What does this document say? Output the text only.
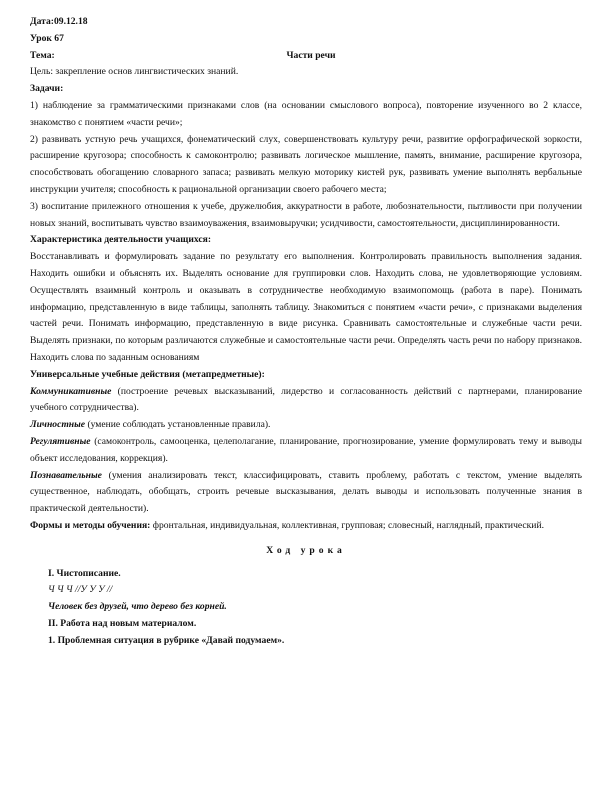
Дата:09.12.18
Урок 67
Тема:	Части речи
Цель: закрепление основ лингвистических знаний.
Задачи:
1) наблюдение за грамматическими признаками слов (на основании смыслового вопроса), повторение изученного во 2 классе, знакомство с понятием «части речи»;
2) развивать устную речь учащихся, фонематический слух, совершенствовать культуру речи, развитие орфографической зоркости, расширение кругозора; способность к самоконтролю; развивать логическое мышление, память, внимание, расширение кругозора, способствовать обогащению словарного запаса; развивать мелкую моторику кистей рук, развивать умение выполнять вербальные инструкции учителя; способность к рациональной организации своего рабочего места;
3) воспитание прилежного отношения к учебе, дружелюбия, аккуратности в работе, любознательности, пытливости при получении новых знаний, воспитывать чувство взаимоуважения, взаимовыручки; усидчивости, самостоятельности, дисциплинированности.
Характеристика деятельности учащихся:
Восстанавливать и формулировать задание по результату его выполнения. Контролировать правильность выполнения задания. Находить ошибки и объяснять их. Выделять основание для группировки слов. Находить слова, не удовлетворяющие условиям. Осуществлять взаимный контроль и оказывать в сотрудничестве необходимую взаимопомощь (работа в паре). Понимать информацию, представленную в виде таблицы, заполнять таблицу. Знакомиться с понятием «части речи», с признаками выделения частей речи. Понимать информацию, представленную в виде рисунка. Сравнивать самостоятельные и служебные части речи. Выделять признаки, по которым различаются служебные и самостоятельные части речи. Определять часть речи по набору признаков. Находить слова по заданным основаниям
Универсальные учебные действия (метапредметные):
Коммуникативные (построение речевых высказываний, лидерство и согласованность действий с партнерами, планирование учебного сотрудничества).
Личностные (умение соблюдать установленные правила).
Регулятивные (самоконтроль, самооценка, целеполагание, планирование, прогнозирование, умение формулировать тему и выводы объект исследования, коррекция).
Познавательные (умения анализировать текст, классифицировать, ставить проблему, работать с текстом, умение выделять существенное, наблюдать, обобщать, строить речевые высказывания, делать выводы и использовать полученные знания в практической деятельности).
Формы и методы обучения: фронтальная, индивидуальная, коллективная, групповая; словесный, наглядный, практический.
Ход урока
I. Чистописание.
Ч Ч Ч //У У У //
Человек без друзей, что дерево без корней.
II. Работа над новым материалом.
1. Проблемная ситуация в рубрике «Давай подумаем».
